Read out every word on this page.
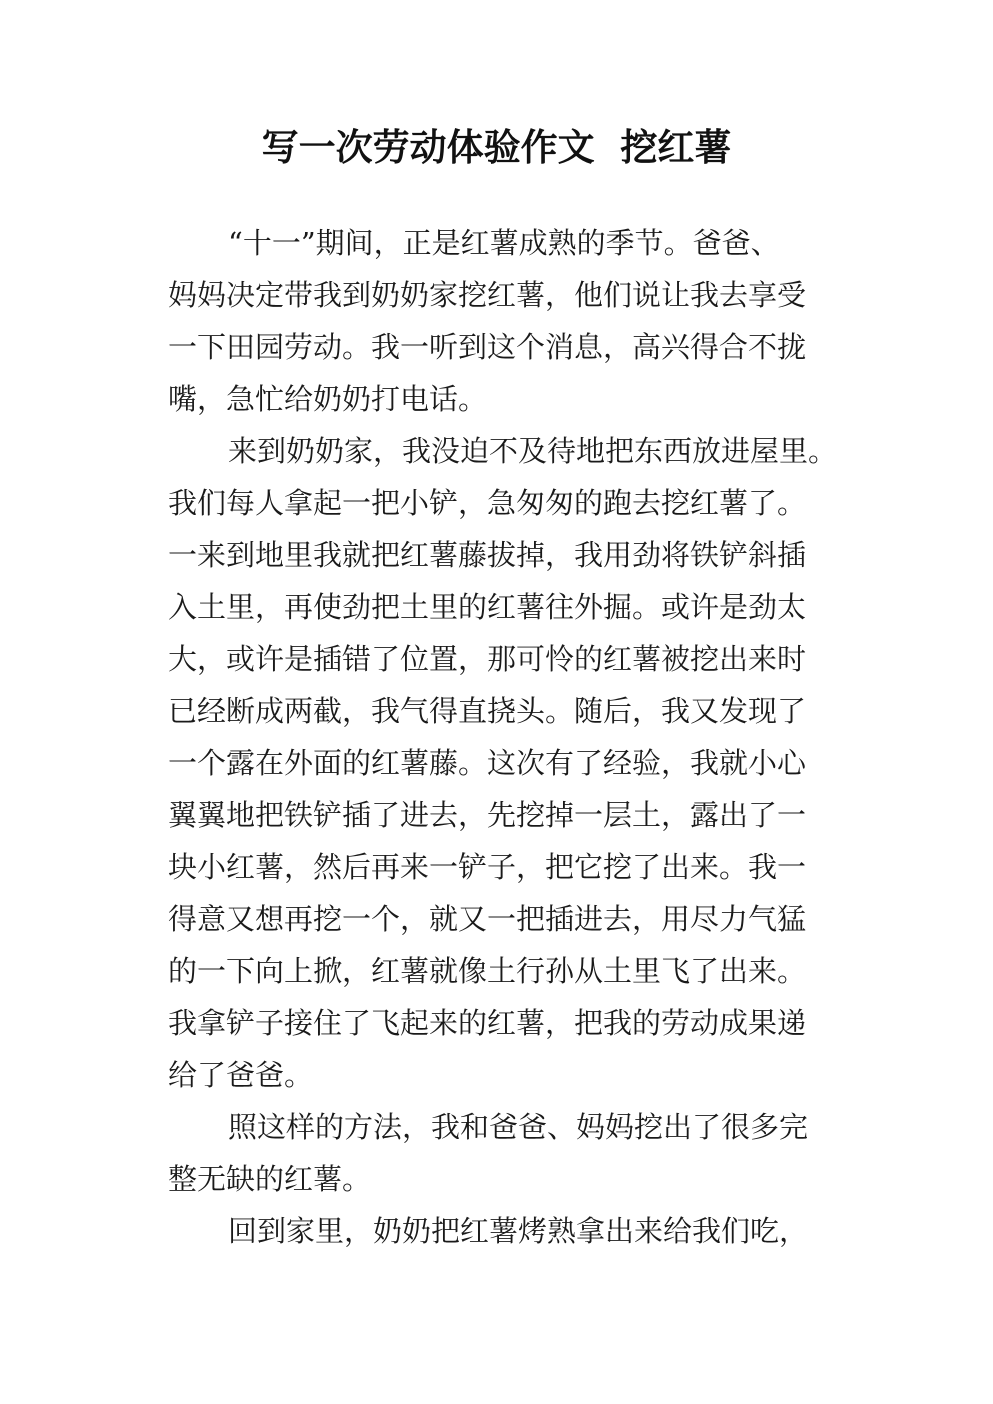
写一次劳动体验作文  挖红薯
“十一”期间，正是红薯成熟的季节。爸爸、
妈妈决定带我到奶奶家挖红薯，他们说让我去享受
一下田园劳动。我一听到这个消息，高兴得合不拢
嘴，急忙给奶奶打电话。
来到奶奶家，我没迫不及待地把东西放进屋里。
我们每人拿起一把小铲，急匆匆的跑去挖红薯了。
一来到地里我就把红薯藤拔掉，我用劲将铁铲斜插
入土里，再使劲把土里的红薯往外掘。或许是劲太
大，或许是插错了位置，那可怜的红薯被挖出来时
已经断成两截，我气得直挠头。随后，我又发现了
一个露在外面的红薯藤。这次有了经验，我就小心
翼翼地把铁铲插了进去，先挖掉一层土，露出了一
块小红薯，然后再来一铲子，把它挖了出来。我一
得意又想再挖一个，就又一把插进去，用尽力气猛
的一下向上掀，红薯就像土行孙从土里飞了出来。
我拿铲子接住了飞起来的红薯，把我的劳动成果递
给了爸爸。
照这样的方法，我和爸爸、妈妈挖出了很多完
整无缺的红薯。
回到家里，奶奶把红薯烤熟拿出来给我们吃，
